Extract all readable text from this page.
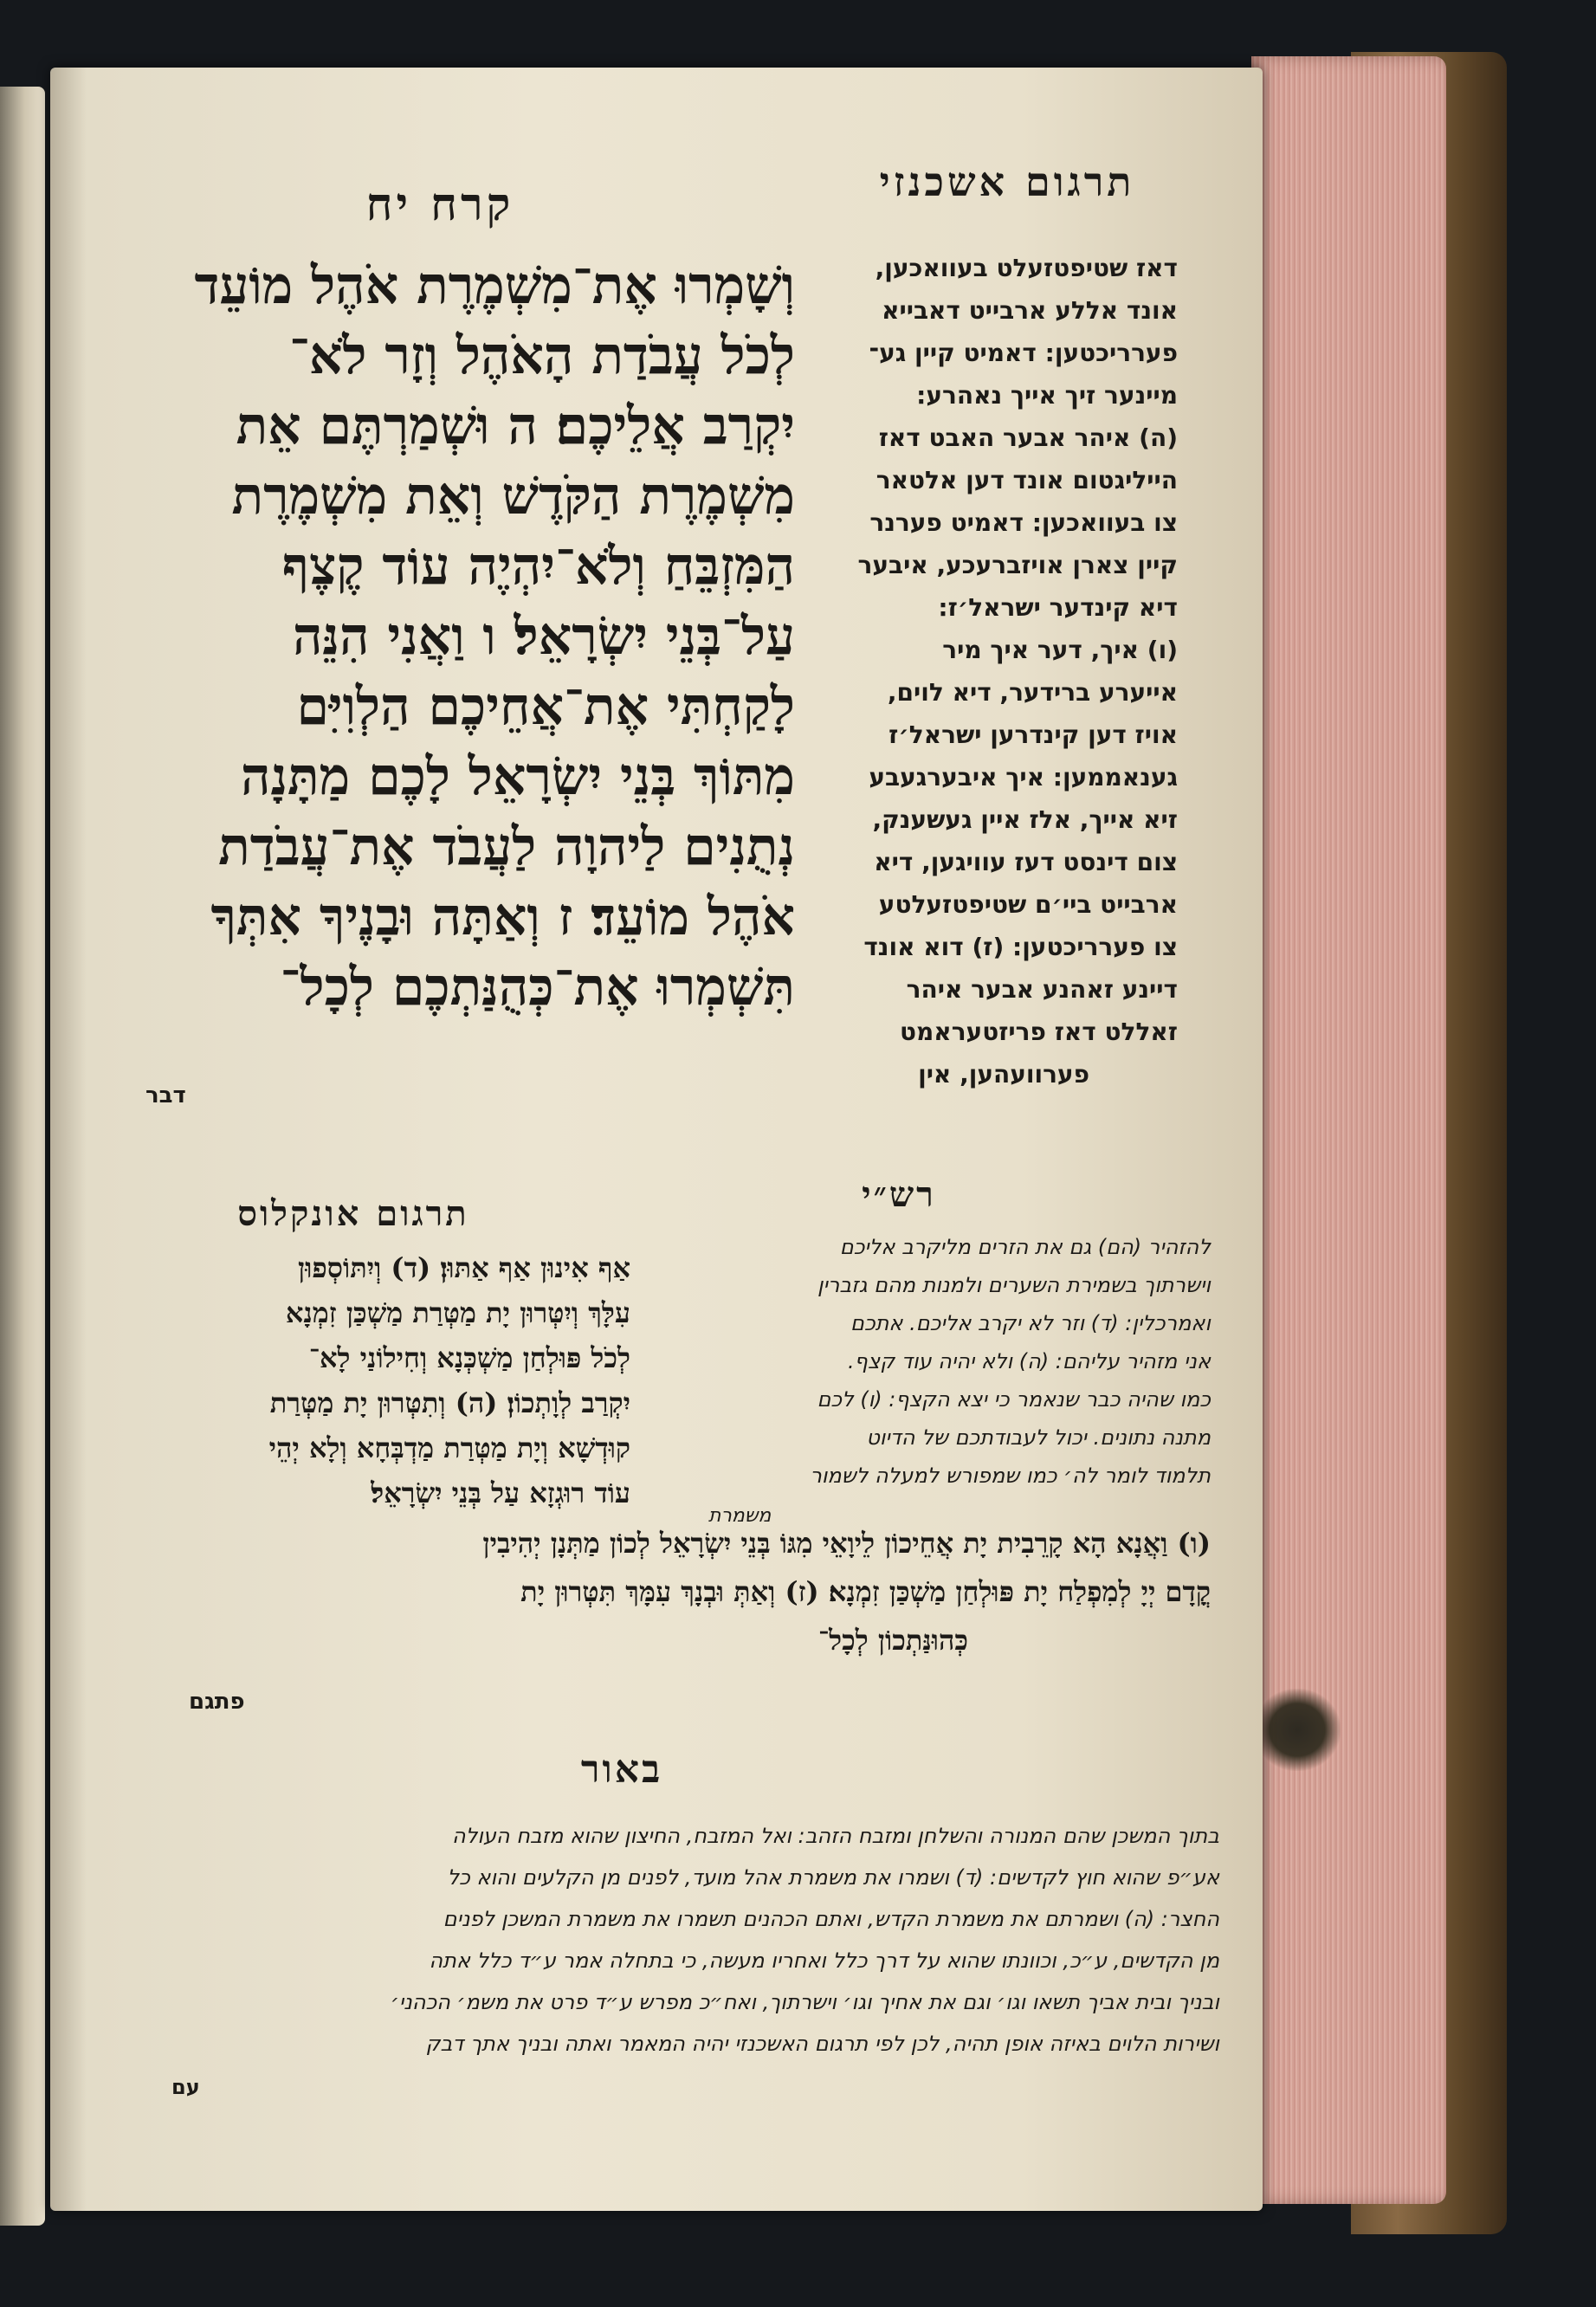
תרגום אשכנזי
קרח יח
וְשָׁמְרוּ אֶת־מִשְׁמֶרֶת אֹהֶל מוֹעֵד
לְכֹל עֲבֹדַת הָאֹהֶל וְזָר לֹא־
יִקְרַב אֲלֵיכֶם׃ ה וּשְׁמַרְתֶּם אֵת
מִשְׁמֶרֶת הַקֹּדֶשׁ וְאֵת מִשְׁמֶרֶת
הַמִּזְבֵּחַ וְלֹא־יִהְיֶה עוֹד קֶצֶף
עַל־בְּנֵי יִשְׂרָאֵל׃ ו וַאֲנִי הִנֵּה
לָקַחְתִּי אֶת־אֲחֵיכֶם הַלְוִיִּם
מִתּוֹךְ בְּנֵי יִשְׂרָאֵל לָכֶם מַתָּנָה
נְתֻנִים לַיהוָה לַעֲבֹד אֶת־עֲבֹדַת
אֹהֶל מוֹעֵד׃ ז וְאַתָּה וּבָנֶיךָ אִתְּךָ
תִּשְׁמְרוּ אֶת־כְּהֻנַּתְכֶם לְכָל־
דבר
דאז שטיפטזעלט בעוואכען,
אונד אללע ארבייט דאבייא
פערריכטען: דאמיט קיין גע־
מיינער זיך אייך נאהרע:
(ה) איהר אבער האבט דאז
הייליגטום אונד דען אלטאר
צו בעוואכען: דאמיט פערנר
קיין צארן אויזברעכע, איבער
דיא קינדער ישראל׳ז:
(ו) איך, דער איך מיר
אייערע ברידער, דיא לוים,
אויז דען קינדרען ישראל׳ז
גענאממען: איך איבערגעבע
זיא אייך, אלז איין געשענק,
צום דינסט דעז עוויגען, דיא
ארבייט ביי׳ם שטיפטזעלטע
צו פערריכטען: (ז) דוא אונד
דיינע זאהנע אבער איהר
זאללט דאז פריזטעראמט
פערוועהען, אין
רש״י
להזהיר (הם) גם את הזרים מליקרב אליכם
וישרתוך בשמירת השערים ולמנות מהם גזברין
ואמרכלין: (ד) וזר לא יקרב אליכם. אתכם
אני מזהיר עליהם: (ה) ולא יהיה עוד קצף.
כמו שהיה כבר שנאמר כי יצא הקצף: (ו) לכם
מתנה נתונים. יכול לעבודתכם של הדיוט
תלמוד לומר לה׳ כמו שמפורש למעלה לשמור
משמרת
תרגום אונקלוס
אַף אִינוּן אַף אַתּוּן׃ (ד) וְיִתּוֹסְפוּן
עִלָּךְ וְיִטְּרוּן יָת מַטְּרַת מַשְׁכַּן זִמְנָא
לְכֹל פּוּלְחַן מַשְׁכְּנָא וְחִילוֹנַי לָא־
יִקְרַב לְוָתְכוֹן׃ (ה) וְתִטְּרוּן יָת מַטְּרַת
קוּדְשָׁא וְיָת מַטְּרַת מַדְבְּחָא וְלָא יְהֵי
עוֹד רוּגְזָא עַל בְּנֵי יִשְׂרָאֵל׃
(ו) וַאֲנָא הָא קָרֵבִית יָת אֲחֵיכוֹן לֵיוָאֵי מִגּוֹ בְּנֵי יִשְׂרָאֵל לְכוֹן מַתְּנָן יְהִיבִין
קֳדָם יְיָ לְמִפְלַח יָת פּוּלְחַן מַשְׁכַּן זִמְנָא׃ (ז) וְאַתְּ וּבְנָךְ עִמָּךְ תִּטְּרוּן יָת
כְּהוּנַּתְכוֹן לְכָל־
פתגם
באור
בתוך המשכן שהם המנורה והשלחן ומזבח הזהב: ואל המזבח, החיצון שהוא מזבח העולה
אע״פ שהוא חוץ לקדשים: (ד) ושמרו את משמרת אהל מועד, לפנים מן הקלעים והוא כל
החצר: (ה) ושמרתם את משמרת הקדש, ואתם הכהנים תשמרו את משמרת המשכן לפנים
מן הקדשים, ע״כ, וכוונתו שהוא על דרך כלל ואחריו מעשה, כי בתחלה אמר ע״ד כלל אתה
ובניך ובית אביך תשאו וגו׳ וגם את אחיך וגו׳ וישרתוך, ואח״כ מפרש ע״ד פרט את משמ׳ הכהני׳
ושירות הלוים באיזה אופן תהיה, לכן לפי תרגום האשכנזי יהיה המאמר ואתה ובניך אתך דבק
עם
